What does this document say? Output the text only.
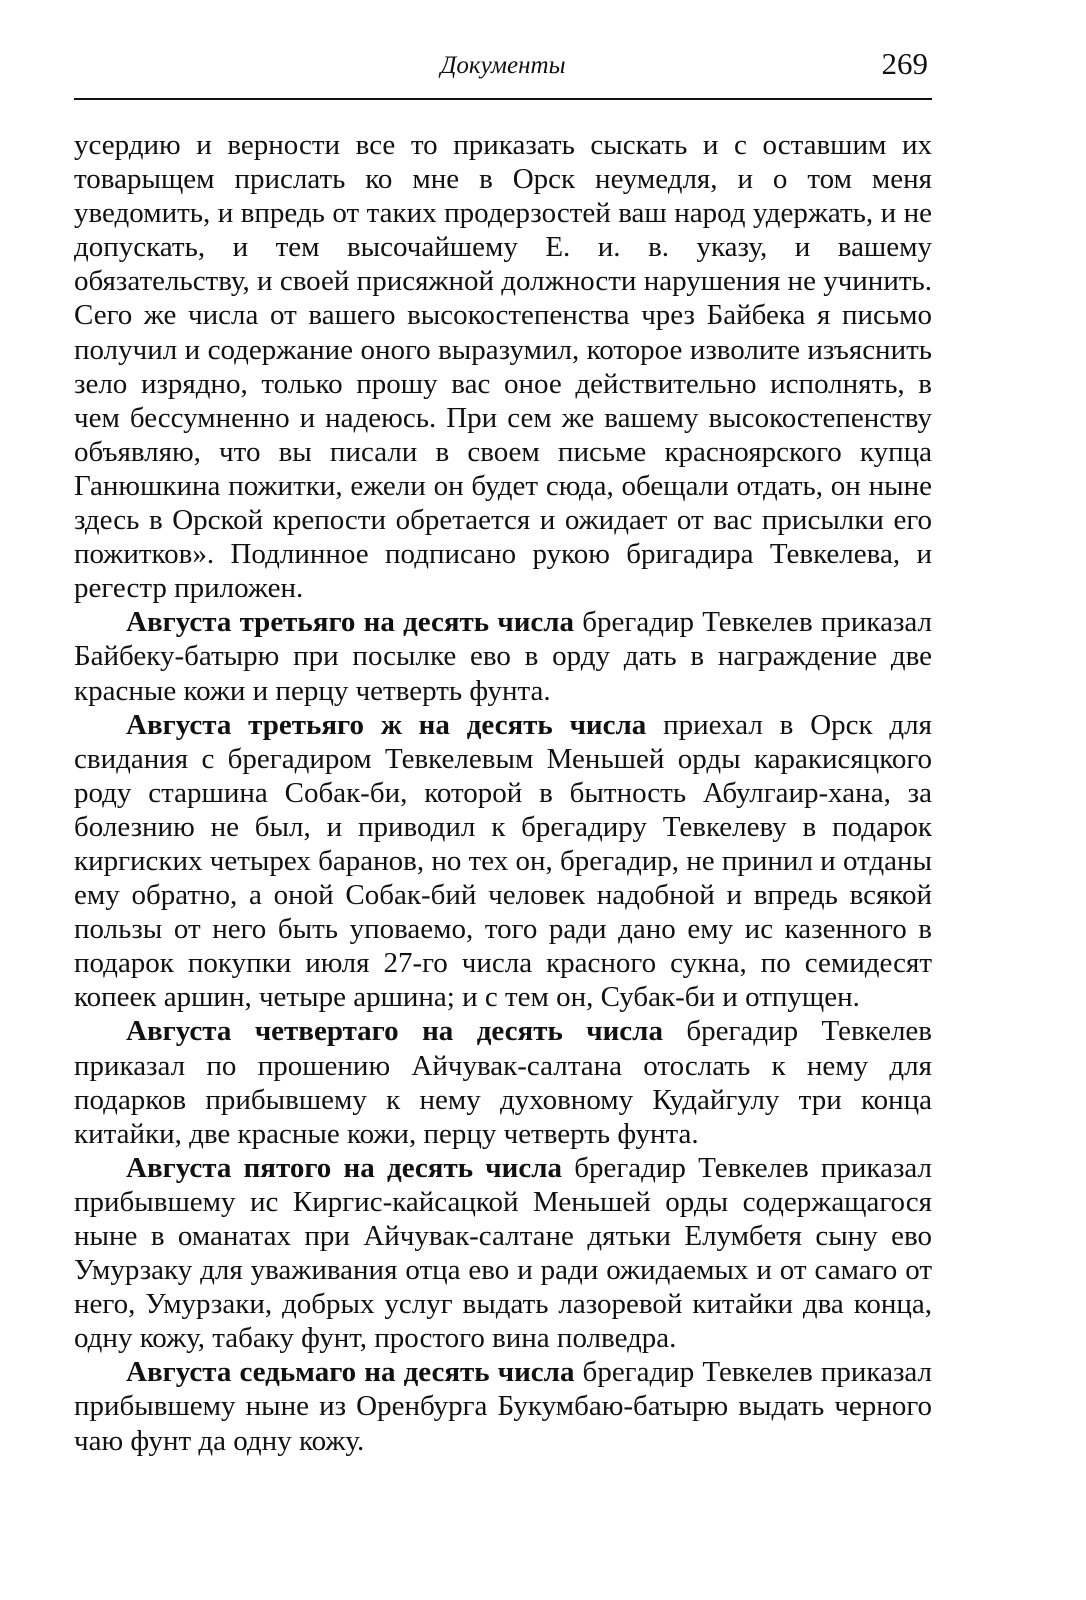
Документы	269

усердию и верности все то приказать сыскать и с оставшим их товарыщем прислать ко мне в Орск неумедля, и о том меня уведомить, и впредь от таких продерзостей ваш народ удержать, и не допускать, и тем высочайшему Е. и. в. указу, и вашему обязательству, и своей присяжной должности нарушения не учинить. Сего же числа от вашего высокостепенства чрез Байбека я письмо получил и содержание оного выразумил, которое изволите изъяснить зело изрядно, только прошу вас оное действительно исполнять, в чем бессумненно и надеюсь. При сем же вашему высокостепенству объявляю, что вы писали в своем письме красноярского купца Ганюшкина пожитки, ежели он будет сюда, обещали отдать, он ныне здесь в Орской крепости обретается и ожидает от вас присылки его пожитков». Подлинное подписано рукою бригадира Тевкелева, и регестр приложен.

Августа третьяго на десять числа брегадир Тевкелев приказал Байбеку-батырю при посылке ево в орду дать в награждение две красные кожи и перцу четверть фунта.

Августа третьяго ж на десять числа приехал в Орск для свидания с брегадиром Тевкелевым Меньшей орды каракисяцкого роду старшина Собак-би, которой в бытность Абулгаир-хана, за болезнию не был, и приводил к брегадиру Тевкелеву в подарок киргиских четырех баранов, но тех он, брегадир, не принил и отданы ему обратно, а оной Собак-бий человек надобной и впредь всякой пользы от него быть уповаемо, того ради дано ему ис казенного в подарок покупки июля 27-го числа красного сукна, по семидесят копеек аршин, четыре аршина; и с тем он, Субак-би и отпущен.

Августа четвертаго на десять числа брегадир Тевкелев приказал по прошению Айчувак-салтана отослать к нему для подарков прибывшему к нему духовному Кудайгулу три конца китайки, две красные кожи, перцу четверть фунта.

Августа пятого на десять числа брегадир Тевкелев приказал прибывшему ис Киргис-кайсацкой Меньшей орды содержащагося ныне в оманатах при Айчувак-салтане дятьки Елумбетя сыну ево Умурзаку для уваживания отца ево и ради ожидаемых и от самаго от него, Умурзаки, добрых услуг выдать лазоревой китайки два конца, одну кожу, табаку фунт, простого вина полведра.

Августа седьмаго на десять числа брегадир Тевкелев приказал прибывшему ныне из Оренбурга Букумбаю-батырю выдать черного чаю фунт да одну кожу.
